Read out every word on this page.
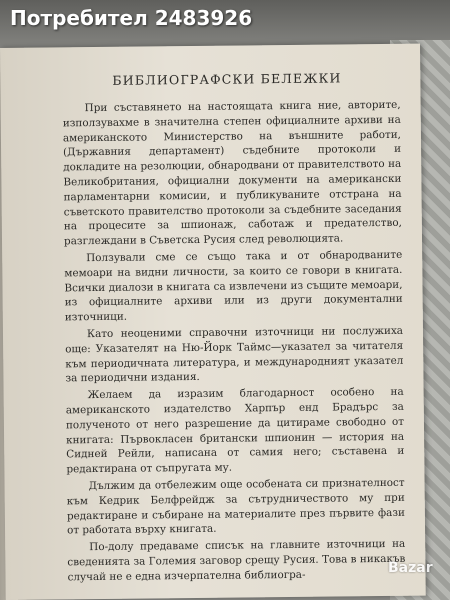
БИБЛИОГРАФСКИ БЕЛЕЖКИ

При съставянето на настоящата книга ние, авторите, използувахме в значителна степен официалните архиви на американското Министерство на външните работи, (Държавния департамент) съдебните протоколи и докладите на резолюции, обнародвани от правителството на Великобритания, официални документи на американски парламентарни комисии, и публикуваните отстрана на съветското правителство протоколи за съдебните заседания на процесите за шпионаж, саботаж и предателство, разглеждани в Съветска Русия след революцията.

Ползували сме се също така и от обнародваните мемоари на видни личности, за които се говори в книгата. Всички диалози в книгата са извлечени из същите мемоари, из официалните архиви или из други документални източници.

Като неоценими справочни източници ни послужиха още: Указателят на Ню-Йорк Таймс—указател за читателя към периодичната литература, и международният указател за периодични издания.

Желаем да изразим благодарност особено на американското издателство Харпър енд Брадърс за полученото от него разрешение да цитираме свободно от книгата: Първокласен британски шпионин — история на Сидней Рейли, написана от самия него; съставена и редактирана от съпругата му.

Дължим да отбележим още особената си признателност към Кедрик Белфрейдж за сътрудничеството му при редактиране и събиране на материалите през първите фази от работата върху книгата.

По-долу предаваме списък на главните източници на сведенията за Големия заговор срещу Русия. Това в никакъв случай не е една изчерпателна библиогра-

Потребител 2483926
Bazar
